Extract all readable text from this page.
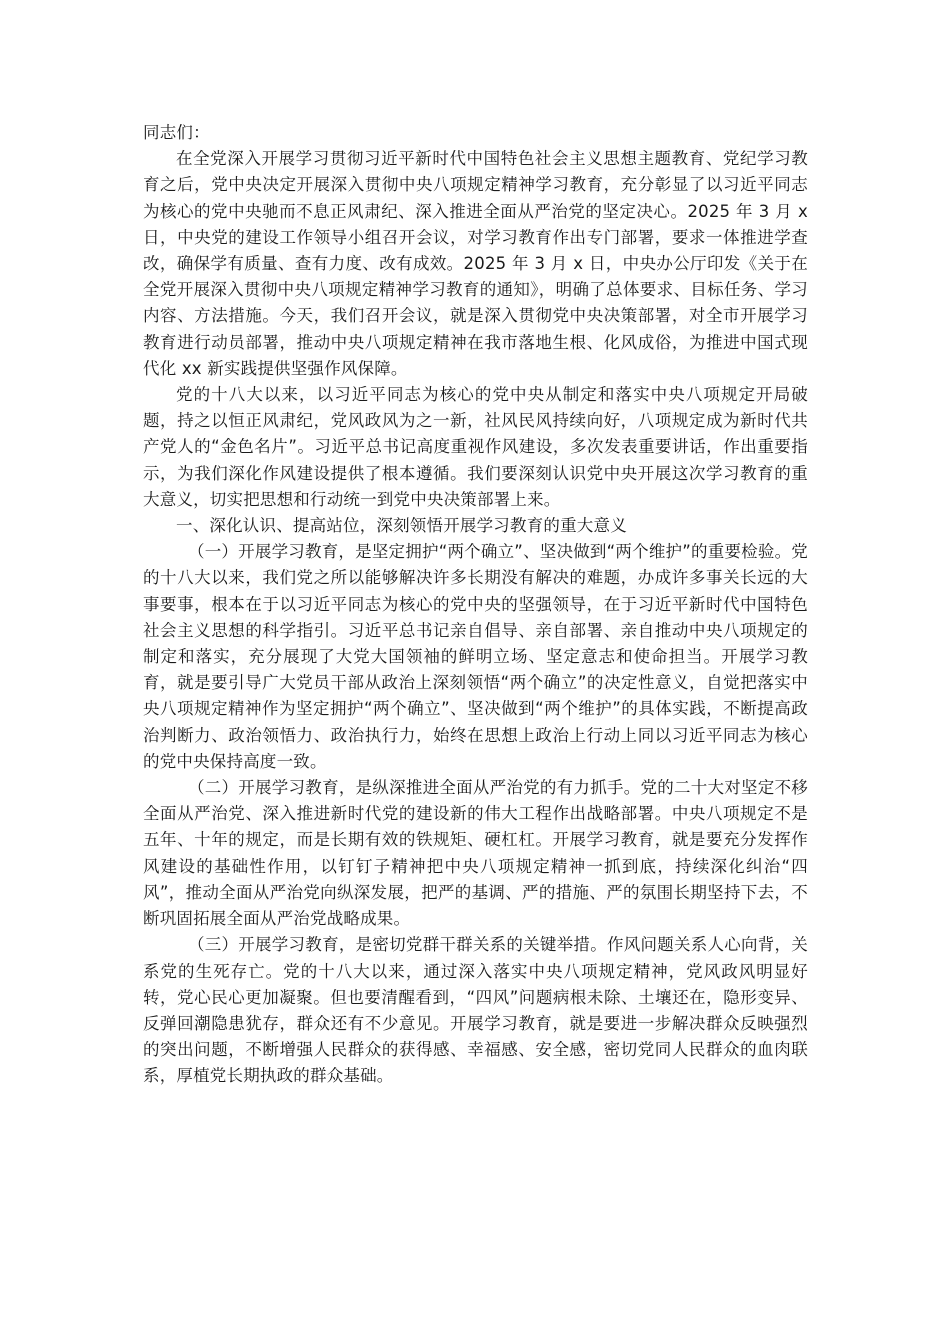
同志们：

在全党深入开展学习贯彻习近平新时代中国特色社会主义思想主题教育、党纪学习教育之后，党中央决定开展深入贯彻中央八项规定精神学习教育，充分彰显了以习近平同志为核心的党中央驰而不息正风肃纪、深入推进全面从严治党的坚定决心。2025 年 3 月 x 日，中央党的建设工作领导小组召开会议，对学习教育作出专门部署，要求一体推进学查改，确保学有质量、查有力度、改有成效。2025 年 3 月 x 日，中央办公厅印发《关于在全党开展深入贯彻中央八项规定精神学习教育的通知》，明确了总体要求、目标任务、学习内容、方法措施。今天，我们召开会议，就是深入贯彻党中央决策部署，对全市开展学习教育进行动员部署，推动中央八项规定精神在我市落地生根、化风成俗，为推进中国式现代化 xx 新实践提供坚强作风保障。

党的十八大以来，以习近平同志为核心的党中央从制定和落实中央八项规定开局破题，持之以恒正风肃纪，党风政风为之一新，社风民风持续向好，八项规定成为新时代共产党人的“金色名片”。习近平总书记高度重视作风建设，多次发表重要讲话，作出重要指示，为我们深化作风建设提供了根本遵循。我们要深刻认识党中央开展这次学习教育的重大意义，切实把思想和行动统一到党中央决策部署上来。

一、深化认识、提高站位，深刻领悟开展学习教育的重大意义

（一）开展学习教育，是坚定拥护“两个确立”、坚决做到“两个维护”的重要检验。党的十八大以来，我们党之所以能够解决许多长期没有解决的难题，办成许多事关长远的大事要事，根本在于以习近平同志为核心的党中央的坚强领导，在于习近平新时代中国特色社会主义思想的科学指引。习近平总书记亲自倡导、亲自部署、亲自推动中央八项规定的制定和落实，充分展现了大党大国领袖的鲜明立场、坚定意志和使命担当。开展学习教育，就是要引导广大党员干部从政治上深刻领悟“两个确立”的决定性意义，自觉把落实中央八项规定精神作为坚定拥护“两个确立”、坚决做到“两个维护”的具体实践，不断提高政治判断力、政治领悟力、政治执行力，始终在思想上政治上行动上同以习近平同志为核心的党中央保持高度一致。

（二）开展学习教育，是纵深推进全面从严治党的有力抓手。党的二十大对坚定不移全面从严治党、深入推进新时代党的建设新的伟大工程作出战略部署。中央八项规定不是五年、十年的规定，而是长期有效的铁规矩、硬杠杠。开展学习教育，就是要充分发挥作风建设的基础性作用，以钉钉子精神把中央八项规定精神一抓到底，持续深化纠治“四风”，推动全面从严治党向纵深发展，把严的基调、严的措施、严的氛围长期坚持下去，不断巩固拓展全面从严治党战略成果。

（三）开展学习教育，是密切党群干群关系的关键举措。作风问题关系人心向背，关系党的生死存亡。党的十八大以来，通过深入落实中央八项规定精神，党风政风明显好转，党心民心更加凝聚。但也要清醒看到，“四风”问题病根未除、土壤还在，隐形变异、反弹回潮隐患犹存，群众还有不少意见。开展学习教育，就是要进一步解决群众反映强烈的突出问题，不断增强人民群众的获得感、幸福感、安全感，密切党同人民群众的血肉联系，厚植党长期执政的群众基础。
